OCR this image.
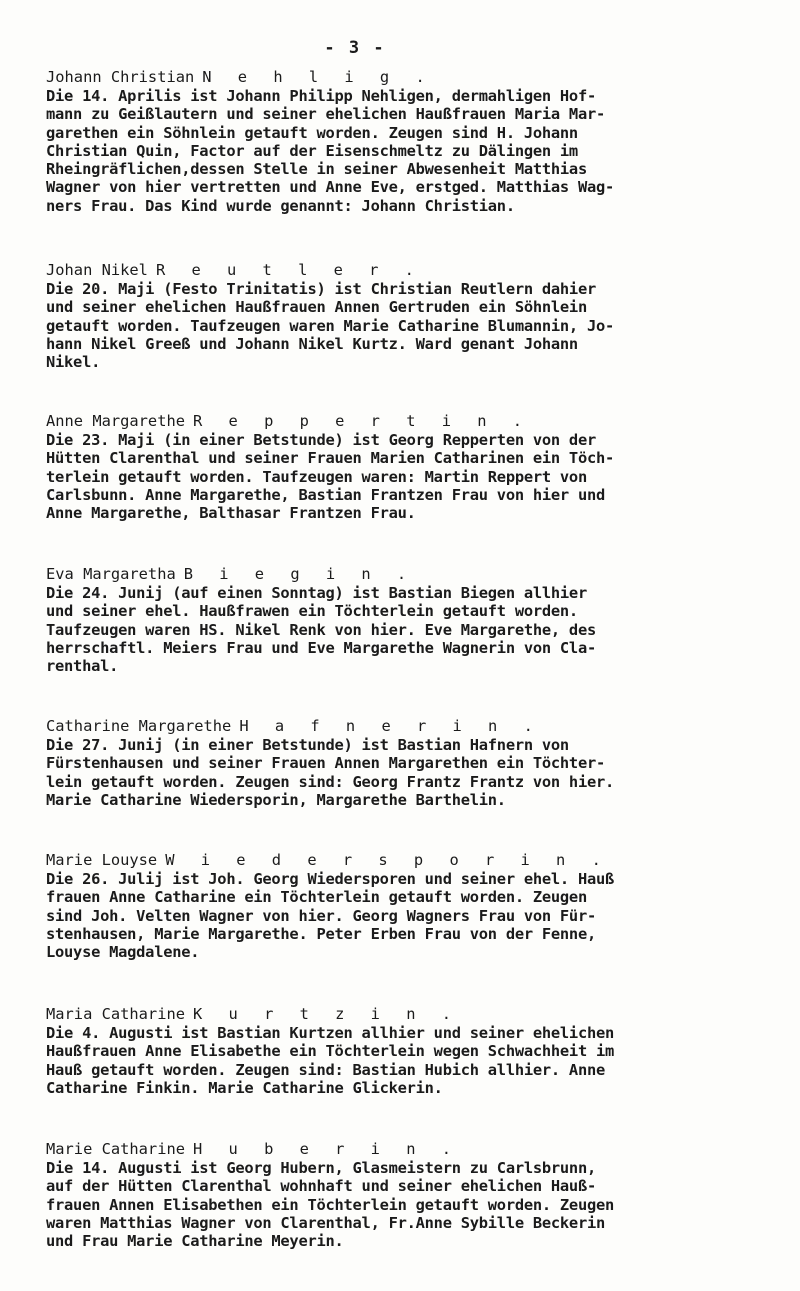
- 3 -
Johann Christian N e h l i g .
Die 14. Aprilis ist Johann Philipp Nehligen, dermahligen Hof-
mann zu Geißlautern und seiner ehelichen Haußfrauen Maria Mar-
garethen ein Söhnlein getauft worden. Zeugen sind H. Johann
Christian Quin, Factor auf der Eisenschmeltz zu Dälingen im
Rheingräflichen,dessen Stelle in seiner Abwesenheit Matthias
Wagner von hier vertretten und Anne Eve, erstged. Matthias Wag-
ners Frau. Das Kind wurde genannt: Johann Christian.
Johan Nikel R e u t l e r .
Die 20. Maji (Festo Trinitatis) ist Christian Reutlern dahier
und seiner ehelichen Haußfrauen Annen Gertruden ein Söhnlein
getauft worden. Taufzeugen waren Marie Catharine Blumannin, Jo-
hann Nikel Greeß und Johann Nikel Kurtz. Ward genant Johann
Nikel.
Anne Margarethe R e p p e r t i n .
Die 23. Maji (in einer Betstunde) ist Georg Repperten von der
Hütten Clarenthal und seiner Frauen Marien Catharinen ein Töch-
terlein getauft worden. Taufzeugen waren: Martin Reppert von
Carlsbunn. Anne Margarethe, Bastian Frantzen Frau von hier und
Anne Margarethe, Balthasar Frantzen Frau.
Eva Margaretha B i e g i n .
Die 24. Junij (auf einen Sonntag) ist Bastian Biegen allhier
und seiner ehel. Haußfrawen ein Töchterlein getauft worden.
Taufzeugen waren HS. Nikel Renk von hier. Eve Margarethe, des
herrschaftl. Meiers Frau und Eve Margarethe Wagnerin von Cla-
renthal.
Catharine Margarethe H a f n e r i n .
Die 27. Junij (in einer Betstunde) ist Bastian Hafnern von
Fürstenhausen und seiner Frauen Annen Margarethen ein Töchter-
lein getauft worden. Zeugen sind: Georg Frantz Frantz von hier.
Marie Catharine Wiedersporin, Margarethe Barthelin.
Marie Louyse W i e d e r s p o r i n .
Die 26. Julij ist Joh. Georg Wiedersporen und seiner ehel. Hauß
frauen Anne Catharine ein Töchterlein getauft worden. Zeugen
sind Joh. Velten Wagner von hier. Georg Wagners Frau von Für-
stenhausen, Marie Margarethe. Peter Erben Frau von der Fenne,
Louyse Magdalene.
Maria Catharine K u r t z i n .
Die 4. Augusti ist Bastian Kurtzen allhier und seiner ehelichen
Haußfrauen Anne Elisabethe ein Töchterlein wegen Schwachheit im
Hauß getauft worden. Zeugen sind: Bastian Hubich allhier. Anne
Catharine Finkin. Marie Catharine Glickerin.
Marie Catharine H u b e r i n .
Die 14. Augusti ist Georg Hubern, Glasmeistern zu Carlsbrunn,
auf der Hütten Clarenthal wohnhaft und seiner ehelichen Hauß-
frauen Annen Elisabethen ein Töchterlein getauft worden. Zeugen
waren Matthias Wagner von Clarenthal, Fr.Anne Sybille Beckerin
und Frau Marie Catharine Meyerin.
